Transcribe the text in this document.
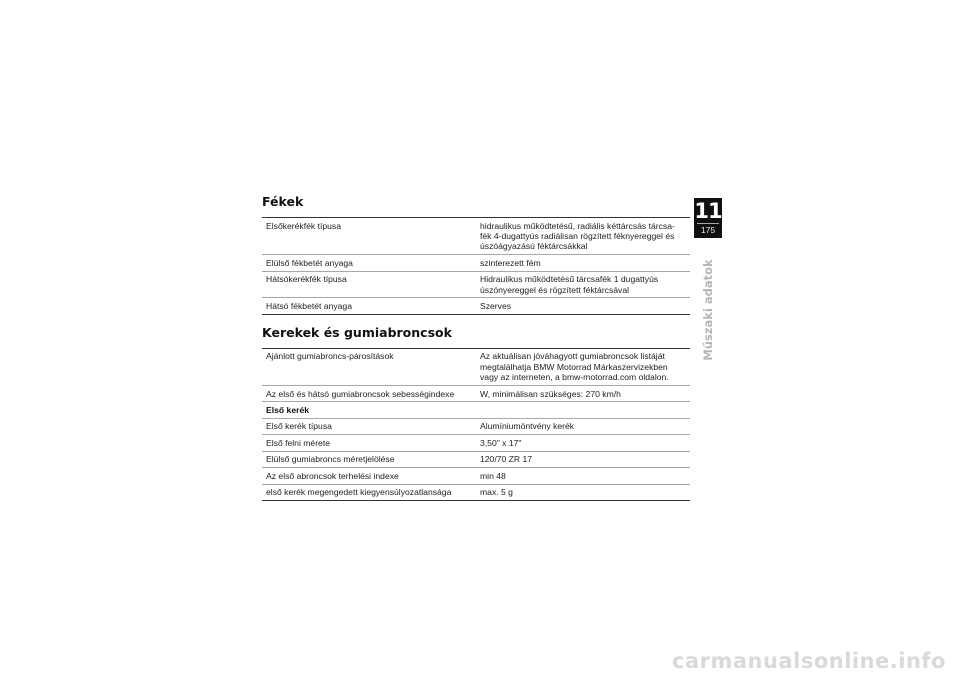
Fékek
Elsőkerékfék típusa	hidraulikus működtetésű, radiális kéttárcsás tárcsa-fék 4-dugattyús radiálisan rögzített féknyereggel és úszóágyazású féktárcsákkal
Elülső fékbetét anyaga	szinterezett fém
Hátsókerékfék típusa	Hidraulikus működtetésű tárcsafék 1 dugattyús úszónyereggel és rögzített féktárcsával
Hátsó fékbetét anyaga	Szerves
Kerekek és gumiabroncsok
Ajánlott gumiabroncs-párosítások	Az aktuálisan jóváhagyott gumiabroncsok listáját megtalálhatja BMW Motorrad Márkaszervizekben vagy az interneten, a bmw-motorrad.com oldalon.
Az első és hátsó gumiabroncsok sebességindexe	W, minimálisan szükséges: 270 km/h
Első kerék	
Első kerék típusa	Alumíniumöntvény kerék
Első felni mérete	3,50" x 17"
Elülső gumiabroncs méretjelölése	120/70 ZR 17
Az első abroncsok terhelési indexe	min 48
első kerék megengedett kiegyensúlyozatlansága	max. 5 g
11
175
Műszaki adatok
carmanualsonline.info
